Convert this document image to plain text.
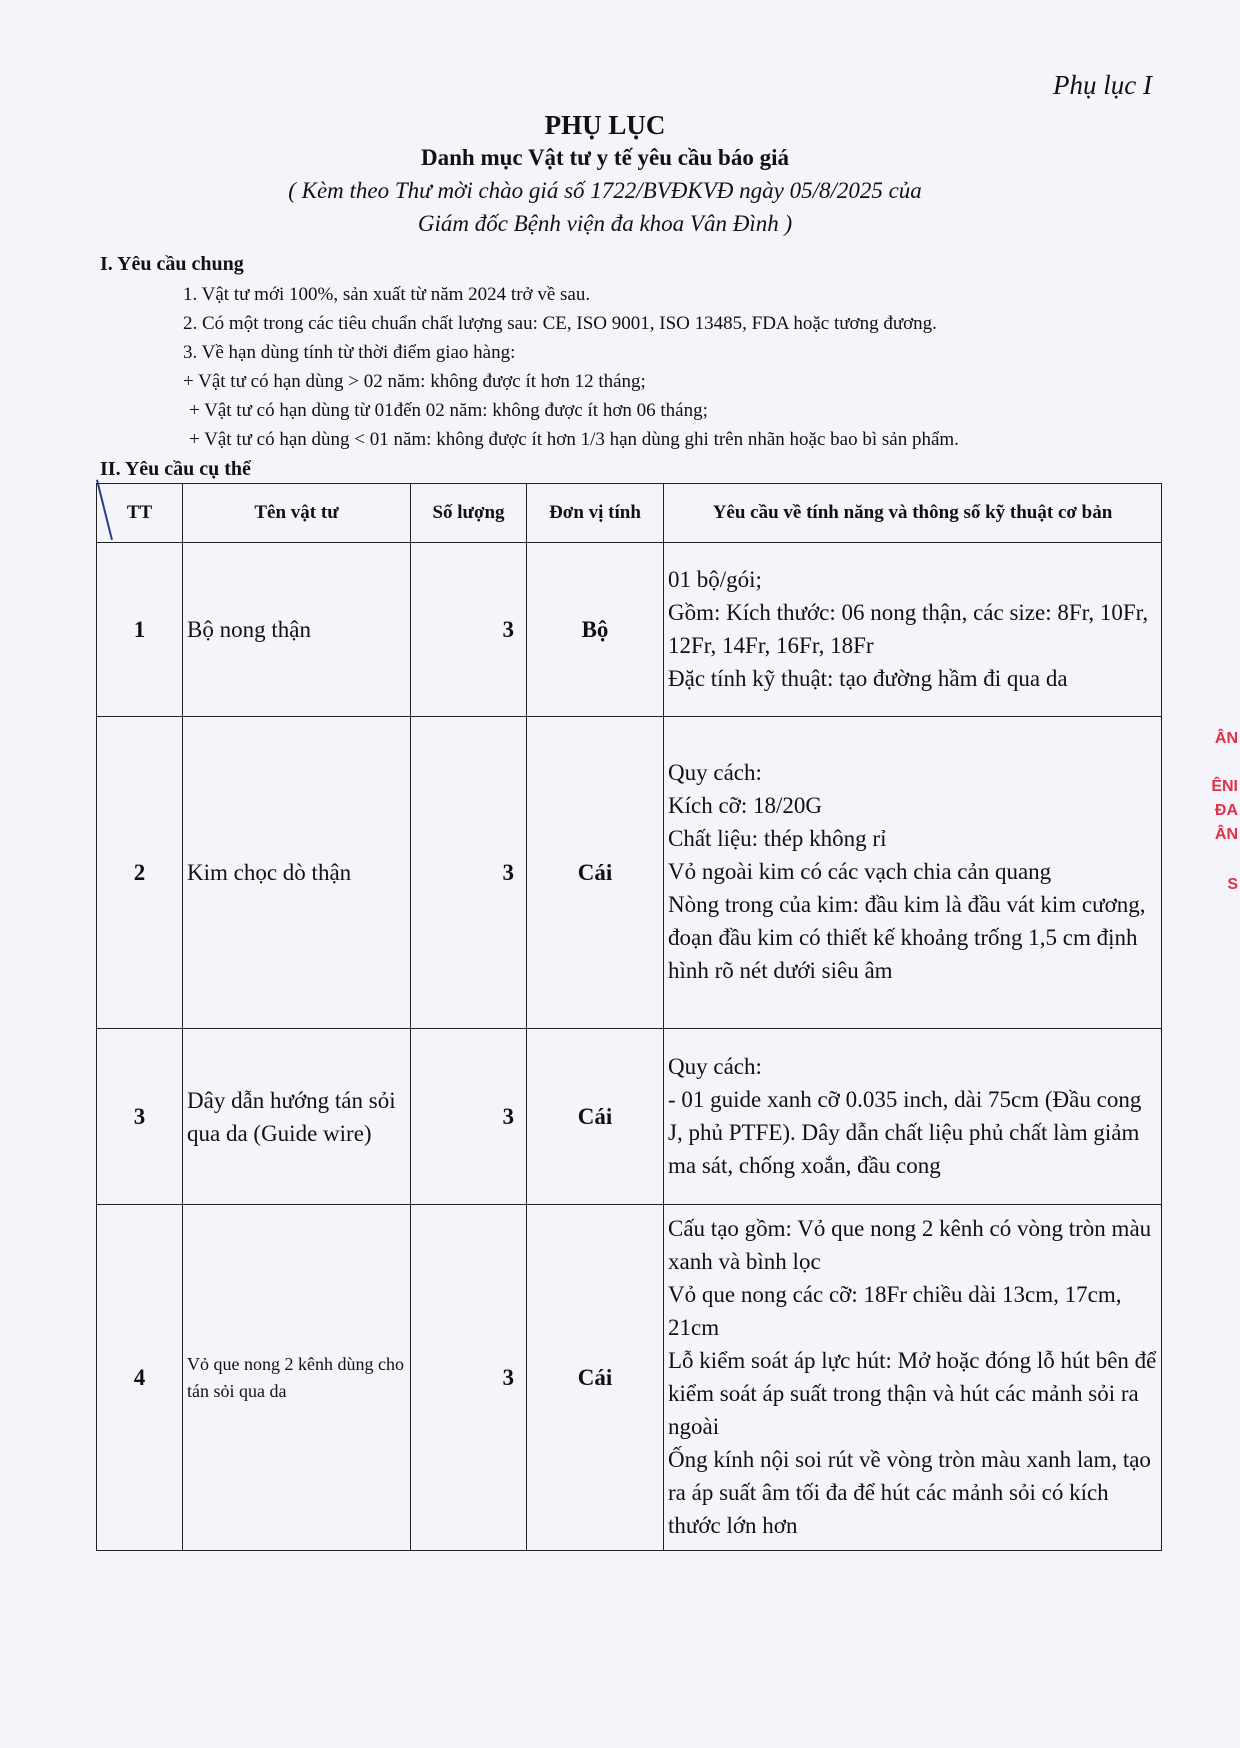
Phụ lục I

PHỤ LỤC

Danh mục Vật tư y tế yêu cầu báo giá

( Kèm theo Thư mời chào giá số 1722/BVĐKVĐ ngày 05/8/2025 của

Giám đốc Bệnh viện đa khoa Vân Đình )

I. Yêu cầu chung
1. Vật tư mới 100%, sản xuất từ năm 2024 trở về sau.
2. Có một trong các tiêu chuẩn chất lượng sau: CE, ISO 9001, ISO 13485, FDA hoặc tương đương.
3. Về hạn dùng tính từ thời điểm giao hàng:
+ Vật tư có hạn dùng > 02 năm: không được ít hơn 12 tháng;
+ Vật tư có hạn dùng từ 01đến 02 năm: không được ít hơn 06 tháng;
+ Vật tư có hạn dùng < 01 năm: không được ít hơn 1/3 hạn dùng ghi trên nhãn hoặc bao bì sản phẩm.
II. Yêu cầu cụ thể
TT	Tên vật tư	Số lượng	Đơn vị tính	Yêu cầu về tính năng và thông số kỹ thuật cơ bản
1	Bộ nong thận	3	Bộ	01 bộ/gói;
Gồm: Kích thước: 06 nong thận, các size: 8Fr, 10Fr, 12Fr, 14Fr, 16Fr, 18Fr
Đặc tính kỹ thuật: tạo đường hầm đi qua da

2	Kim chọc dò thận	3	Cái	Quy cách:
Kích cỡ: 18/20G
Chất liệu: thép không rỉ
Vỏ ngoài kim có các vạch chia cản quang
Nòng trong của kim: đầu kim là đầu vát kim cương, đoạn đầu kim có thiết kế khoảng trống 1,5 cm định hình rõ nét dưới siêu âm

3	Dây dẫn hướng tán sỏi qua da (Guide wire)	3	Cái	Quy cách:
- 01 guide xanh cỡ 0.035 inch, dài 75cm (Đầu cong J, phủ PTFE). Dây dẫn chất liệu phủ chất làm giảm ma sát, chống xoắn, đầu cong

4	Vỏ que nong 2 kênh dùng cho tán sỏi qua da	3	Cái	Cấu tạo gồm: Vỏ que nong 2 kênh có vòng tròn màu xanh và bình lọc
Vỏ que nong các cỡ: 18Fr chiều dài 13cm, 17cm, 21cm
Lỗ kiểm soát áp lực hút: Mở hoặc đóng lỗ hút bên để kiểm soát áp suất trong thận và hút các mảnh sỏi ra ngoài
Ống kính nội soi rút về vòng tròn màu xanh lam, tạo ra áp suất âm tối đa để hút các mảnh sỏi có kích thước lớn hơn
ÂN
ÊNI
ĐA
ÂN
S
